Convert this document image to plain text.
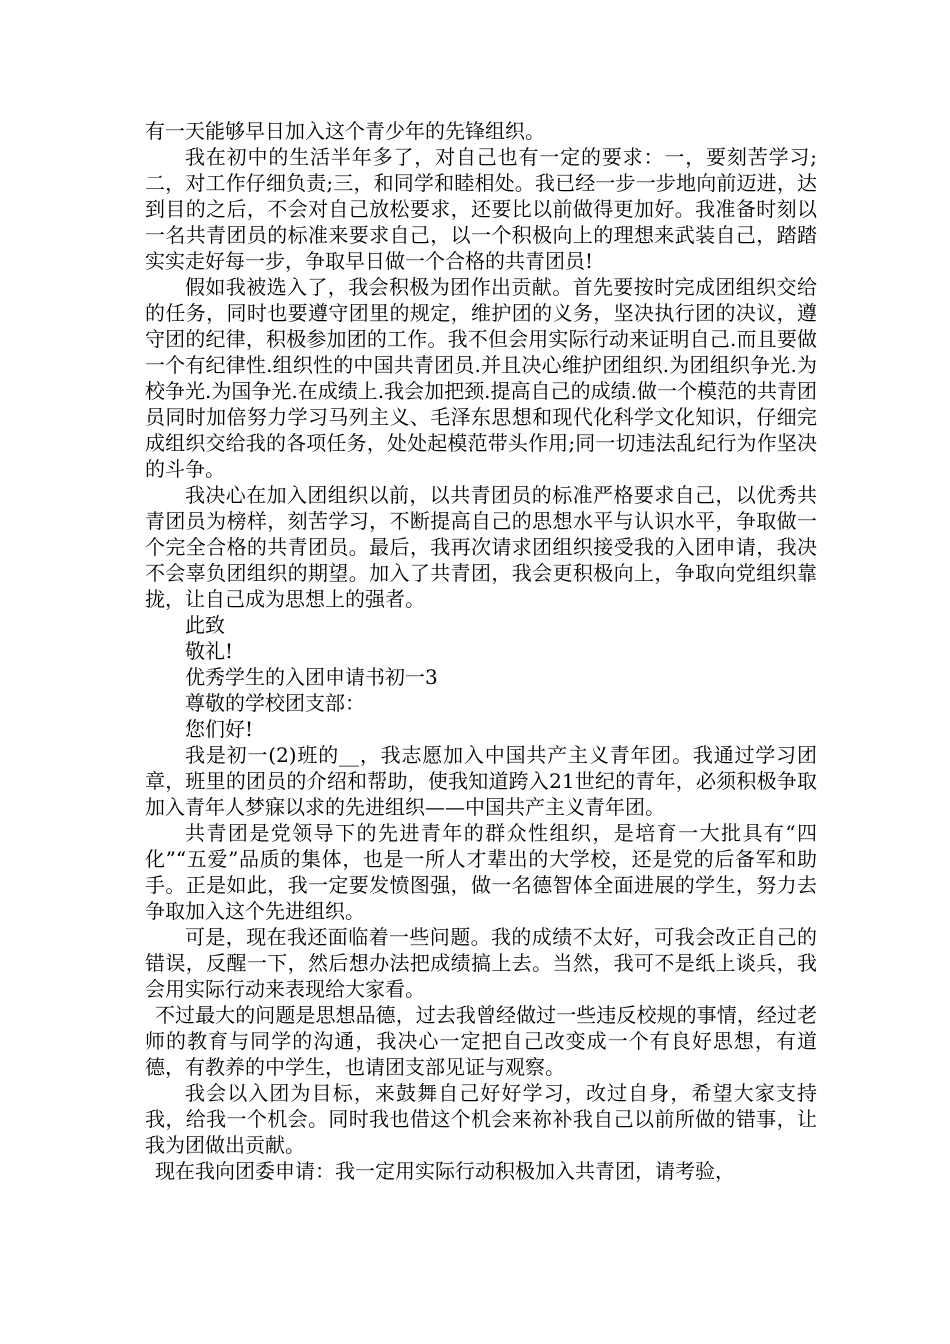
有一天能够早日加入这个青少年的先锋组织。

我在初中的生活半年多了，对自己也有一定的要求：一，要刻苦学习;二，对工作仔细负责;三，和同学和睦相处。我已经一步一步地向前迈进，达到目的之后，不会对自己放松要求，还要比以前做得更加好。我准备时刻以一名共青团员的标准来要求自己，以一个积极向上的理想来武装自己，踏踏实实走好每一步，争取早日做一个合格的共青团员!

假如我被选入了，我会积极为团作出贡献。首先要按时完成团组织交给的任务，同时也要遵守团里的规定，维护团的义务，坚决执行团的决议，遵守团的纪律，积极参加团的工作。我不但会用实际行动来证明自己.而且要做一个有纪律性.组织性的中国共青团员.并且决心维护团组织.为团组织争光.为校争光.为国争光.在成绩上.我会加把颈.提高自己的成绩.做一个模范的共青团员同时加倍努力学习马列主义、毛泽东思想和现代化科学文化知识，仔细完成组织交给我的各项任务，处处起模范带头作用;同一切违法乱纪行为作坚决的斗争。

我决心在加入团组织以前，以共青团员的标准严格要求自己，以优秀共青团员为榜样，刻苦学习，不断提高自己的思想水平与认识水平，争取做一个完全合格的共青团员。最后，我再次请求团组织接受我的入团申请，我决不会辜负团组织的期望。加入了共青团，我会更积极向上，争取向党组织靠拢，让自己成为思想上的强者。

此致

敬礼!

优秀学生的入团申请书初一3

尊敬的学校团支部：

您们好!

我是初一(2)班的__，我志愿加入中国共产主义青年团。我通过学习团章，班里的团员的介绍和帮助，使我知道跨入21世纪的青年，必须积极争取加入青年人梦寐以求的先进组织——中国共产主义青年团。

共青团是党领导下的先进青年的群众性组织，是培育一大批具有“四化”“五爱”品质的集体，也是一所人才辈出的大学校，还是党的后备军和助手。正是如此，我一定要发愤图强，做一名德智体全面进展的学生，努力去争取加入这个先进组织。

可是，现在我还面临着一些问题。我的成绩不太好，可我会改正自己的错误，反醒一下，然后想办法把成绩搞上去。当然，我可不是纸上谈兵，我会用实际行动来表现给大家看。

不过最大的问题是思想品德，过去我曾经做过一些违反校规的事情，经过老师的教育与同学的沟通，我决心一定把自己改变成一个有良好思想，有道德，有教养的中学生，也请团支部见证与观察。

我会以入团为目标，来鼓舞自己好好学习，改过自身，希望大家支持我，给我一个机会。同时我也借这个机会来祢补我自己以前所做的错事，让我为团做出贡献。

现在我向团委申请：我一定用实际行动积极加入共青团，请考验，
